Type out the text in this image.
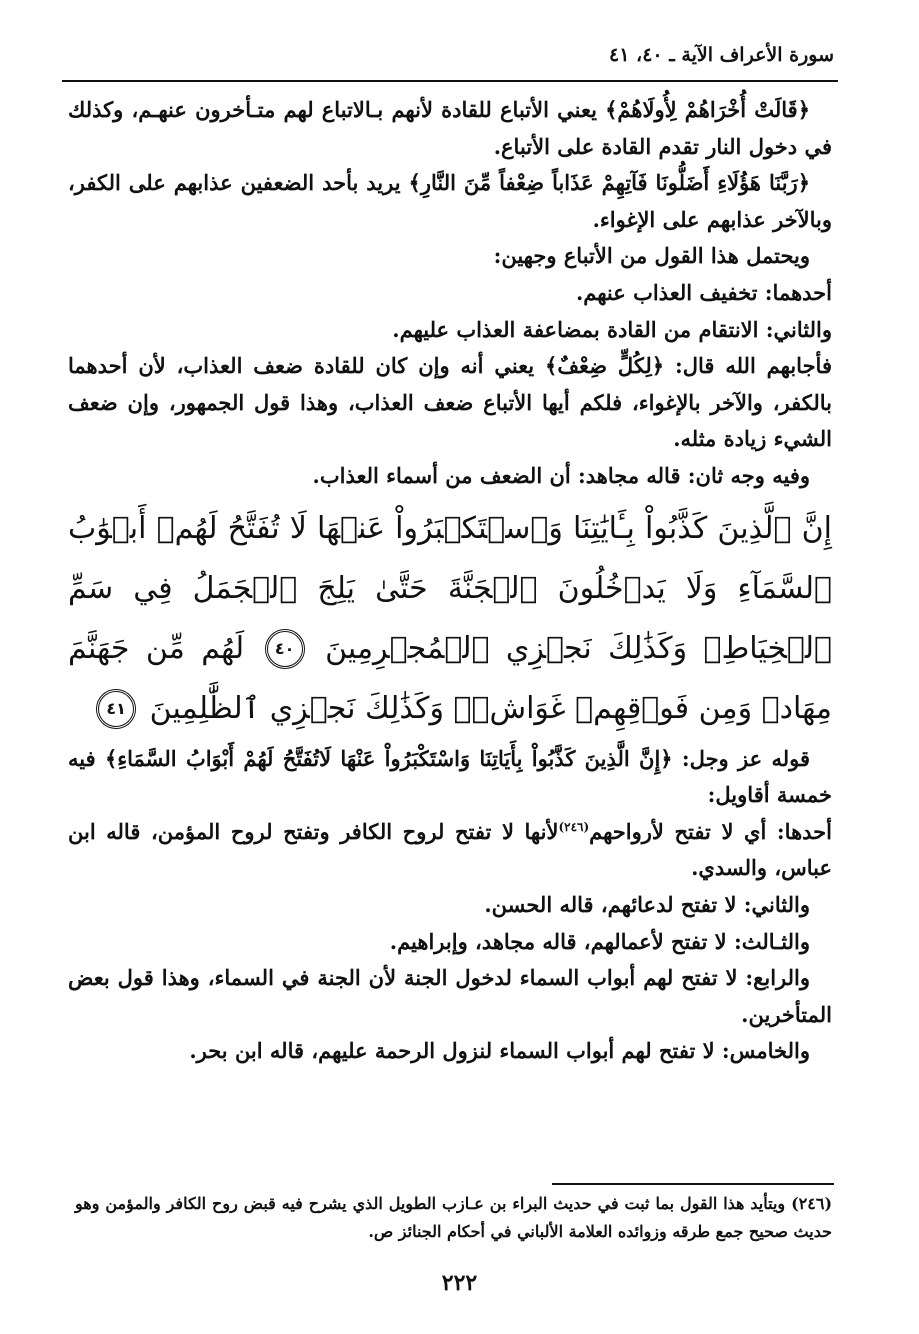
سورة الأعراف الآية ـ ٤٠، ٤١

﴿قَالَتْ أُخْرَاهُمْ لِأُولَاهُمْ﴾ يعني الأتباع للقادة لأنهم بـالاتباع لهم متـأخرون عنهـم، وكذلك في دخول النار تقدم القادة على الأتباع.

﴿رَبَّنَا هَؤُلَاءِ أَضَلُّونَا فَآتِهِمْ عَذَاباً ضِعْفاً مِّنَ النَّارِ﴾ يريد بأحد الضعفين عذابهم على الكفر، وبالآخر عذابهم على الإغواء.

ويحتمل هذا القول من الأتباع وجهين:

أحدهما: تخفيف العذاب عنهم.

والثاني: الانتقام من القادة بمضاعفة العذاب عليهم.

فأجابهم الله قال: ﴿لِكُلٍّ ضِعْفٌ﴾ يعني أنه وإن كان للقادة ضعف العذاب، لأن أحدهما بالكفر، والآخر بالإغواء، فلكم أيها الأتباع ضعف العذاب، وهذا قول الجمهور، وإن ضعف الشيء زيادة مثله.

وفيه وجه ثان: قاله مجاهد: أن الضعف من أسماء العذاب.

إِنَّ ٱلَّذِينَ كَذَّبُواْ بِـَٔايَٰتِنَا وَٱسۡتَكۡبَرُواْ عَنۡهَا لَا تُفَتَّحُ لَهُمۡ أَبۡوَٰبُ ٱلسَّمَآءِ وَلَا يَدۡخُلُونَ ٱلۡجَنَّةَ حَتَّىٰ يَلِجَ ٱلۡجَمَلُ فِي سَمِّ ٱلۡخِيَاطِۚ وَكَذَٰلِكَ نَجۡزِي ٱلۡمُجۡرِمِينَ ٤٠ لَهُم مِّن جَهَنَّمَ مِهَادٞ وَمِن فَوۡقِهِمۡ غَوَاشٖۚ وَكَذَٰلِكَ نَجۡزِي ٱلظَّٰلِمِينَ ٤١

قوله عز وجل: ﴿إِنَّ الَّذِينَ كَذَّبُواْ بِأَيَاتِنَا وَاسْتَكْبَرُواْ عَنْهَا لَاتُفَتَّحُ لَهُمْ أَبْوَابُ السَّمَاءِ﴾ فيه خمسة أقاويل:

أحدها: أي لا تفتح لأرواحهم$^{(٢٤٦)}$لأنها لا تفتح لروح الكافر وتفتح لروح المؤمن، قاله ابن عباس، والسدي.

والثاني: لا تفتح لدعائهم، قاله الحسن.

والثـالث: لا تفتح لأعمالهم، قاله مجاهد، وإبراهيم.

والرابع: لا تفتح لهم أبواب السماء لدخول الجنة لأن الجنة في السماء، وهذا قول بعض المتأخرين.

والخامس: لا تفتح لهم أبواب السماء لنزول الرحمة عليهم، قاله ابن بحر.

(٢٤٦) ويتأيد هذا القول بما ثبت في حديث البراء بن عـازب الطويل الذي يشرح فيه قبض روح الكافر والمؤمن وهو حديث صحيح جمع طرقه وزوائده العلامة الألباني في أحكام الجنائز ص.
٢٢٢
